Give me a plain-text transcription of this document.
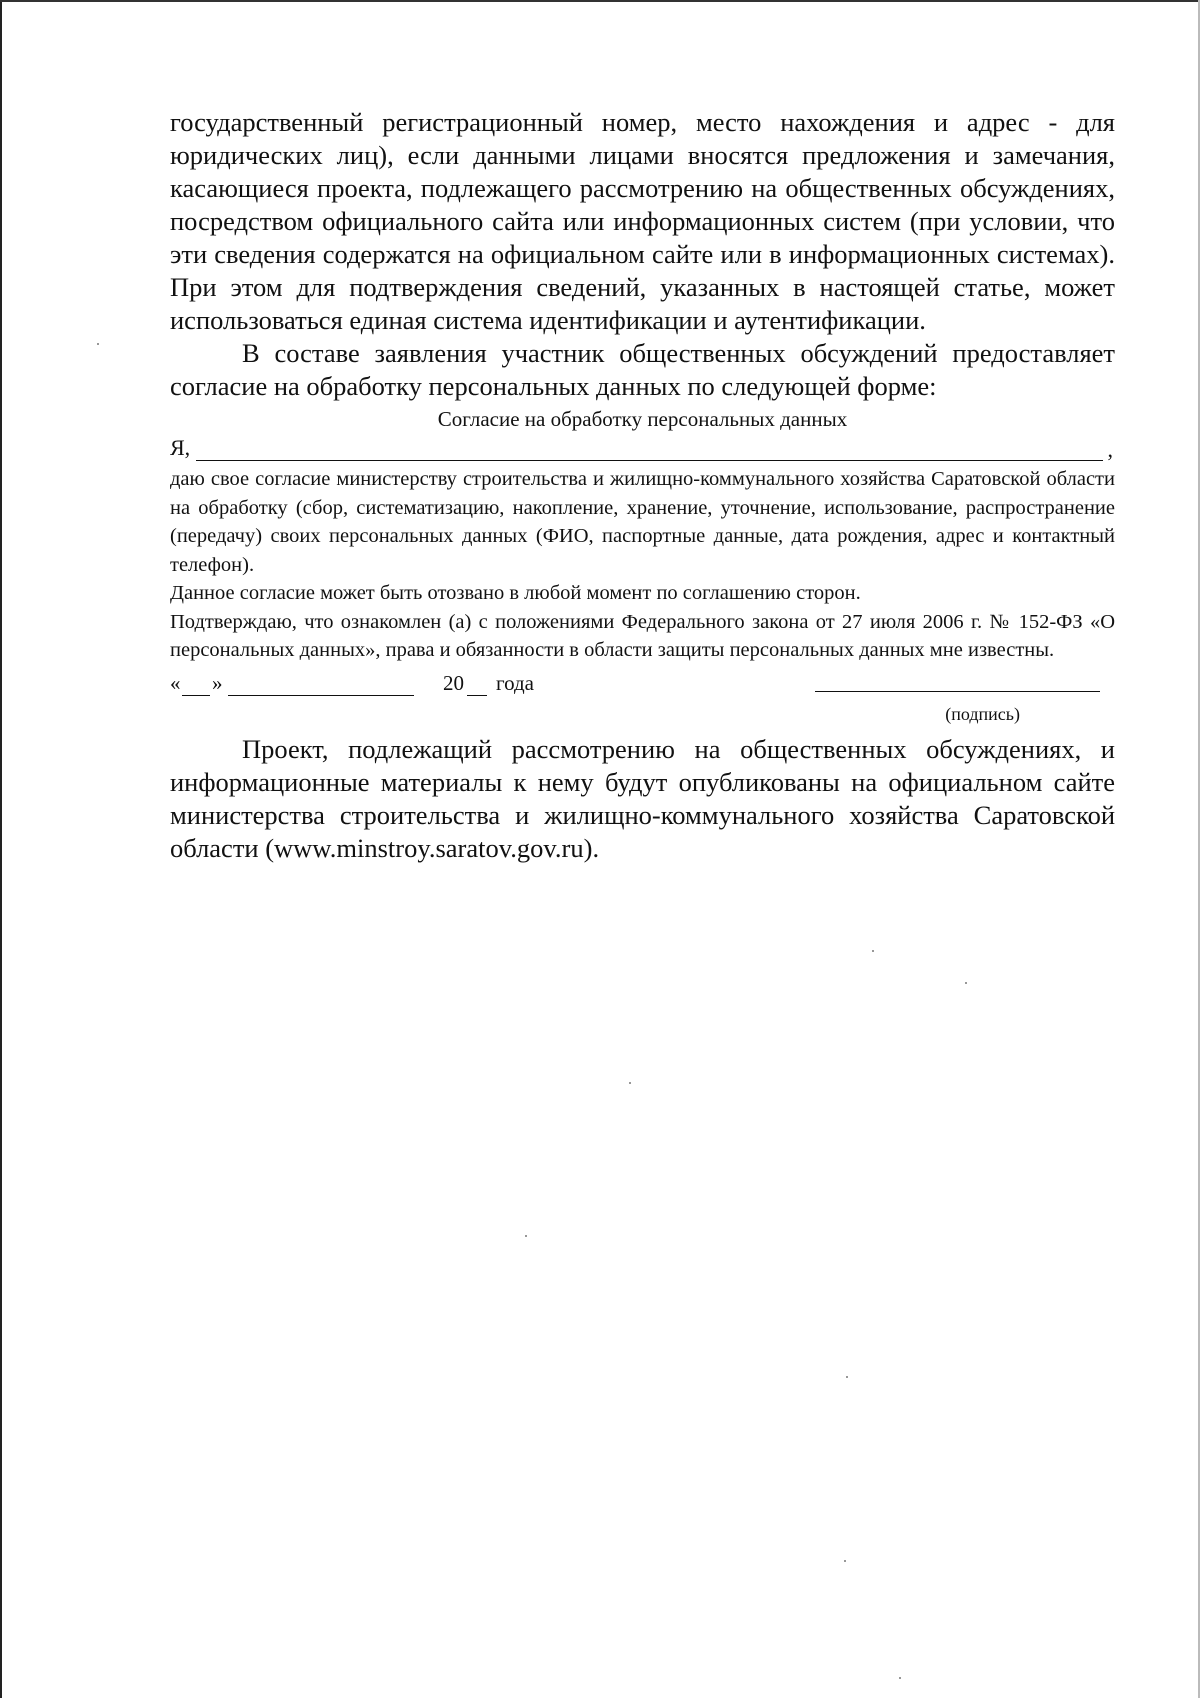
государственный регистрационный номер, место нахождения и адрес - для юридических лиц), если данными лицами вносятся предложения и замечания, касающиеся проекта, подлежащего рассмотрению на общественных обсуждениях, посредством официального сайта или информационных систем (при условии, что эти сведения содержатся на официальном сайте или в информационных системах). При этом для подтверждения сведений, указанных в настоящей статье, может использоваться единая система идентификации и аутентификации.

В составе заявления участник общественных обсуждений предоставляет согласие на обработку персональных данных по следующей форме:

Согласие на обработку персональных данных
Я,	,

даю свое согласие министерству строительства и жилищно-коммунального хозяйства Саратовской области на обработку (сбор, систематизацию, накопление, хранение, уточнение, использование, распространение (передачу) своих персональных данных (ФИО, паспортные данные, дата рождения, адрес и контактный телефон).

Данное согласие может быть отозвано в любой момент по соглашению сторон.

Подтверждаю, что ознакомлен (а) с положениями Федерального закона от 27 июля 2006 г. № 152-ФЗ «О персональных данных», права и обязанности в области защиты персональных данных мне известны.

« »	20 года
(подпись)

Проект, подлежащий рассмотрению на общественных обсуждениях, и информационные материалы к нему будут опубликованы на официальном сайте министерства строительства и жилищно-коммунального хозяйства Саратовской области (www.minstroy.saratov.gov.ru).
